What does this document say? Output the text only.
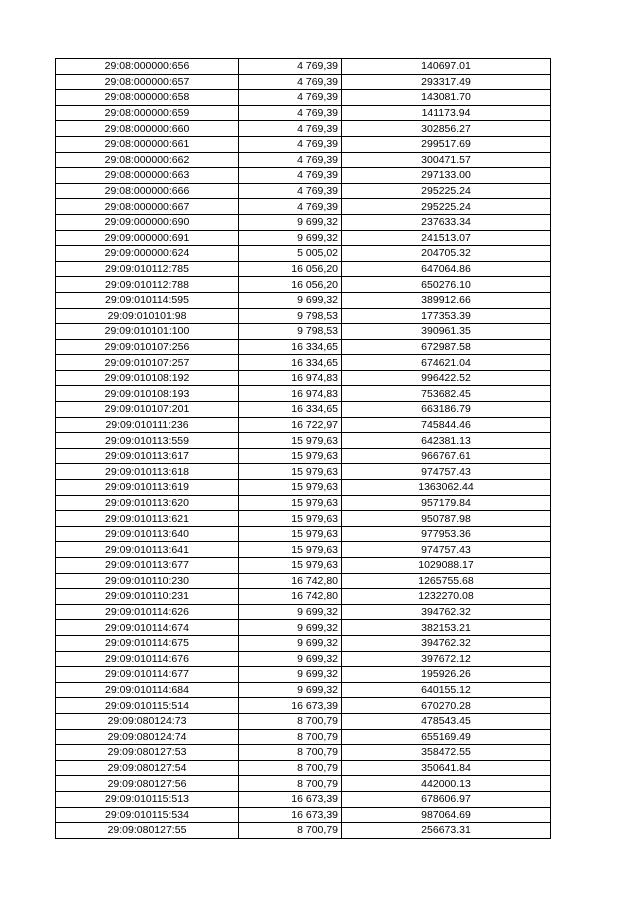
29:08:000000:656	4 769,39	140697.01
29:08:000000:657	4 769,39	293317.49
29:08:000000:658	4 769,39	143081.70
29:08:000000:659	4 769,39	141173.94
29:08:000000:660	4 769,39	302856.27
29:08:000000:661	4 769,39	299517.69
29:08:000000:662	4 769,39	300471.57
29:08:000000:663	4 769,39	297133.00
29:08:000000:666	4 769,39	295225.24
29:08:000000:667	4 769,39	295225.24
29:09:000000:690	9 699,32	237633.34
29:09:000000:691	9 699,32	241513.07
29:09:000000:624	5 005,02	204705.32
29:09:010112:785	16 056,20	647064.86
29:09:010112:788	16 056,20	650276.10
29:09:010114:595	9 699,32	389912.66
29:09:010101:98	9 798,53	177353.39
29:09:010101:100	9 798,53	390961.35
29:09:010107:256	16 334,65	672987.58
29:09:010107:257	16 334,65	674621.04
29:09:010108:192	16 974,83	996422.52
29:09:010108:193	16 974,83	753682.45
29:09:010107:201	16 334,65	663186.79
29:09:010111:236	16 722,97	745844.46
29:09:010113:559	15 979,63	642381.13
29:09:010113:617	15 979,63	966767.61
29:09:010113:618	15 979,63	974757.43
29:09:010113:619	15 979,63	1363062.44
29:09:010113:620	15 979,63	957179.84
29:09:010113:621	15 979,63	950787.98
29:09:010113:640	15 979,63	977953.36
29:09:010113:641	15 979,63	974757.43
29:09:010113:677	15 979,63	1029088.17
29:09:010110:230	16 742,80	1265755.68
29:09:010110:231	16 742,80	1232270.08
29:09:010114:626	9 699,32	394762.32
29:09:010114:674	9 699,32	382153.21
29:09:010114:675	9 699,32	394762.32
29:09:010114:676	9 699,32	397672.12
29:09:010114:677	9 699,32	195926.26
29:09:010114:684	9 699,32	640155.12
29:09:010115:514	16 673,39	670270.28
29:09:080124:73	8 700,79	478543.45
29:09:080124:74	8 700,79	655169.49
29:09:080127:53	8 700,79	358472.55
29:09:080127:54	8 700,79	350641.84
29:09:080127:56	8 700,79	442000.13
29:09:010115:513	16 673,39	678606.97
29:09:010115:534	16 673,39	987064.69
29:09:080127:55	8 700,79	256673.31
